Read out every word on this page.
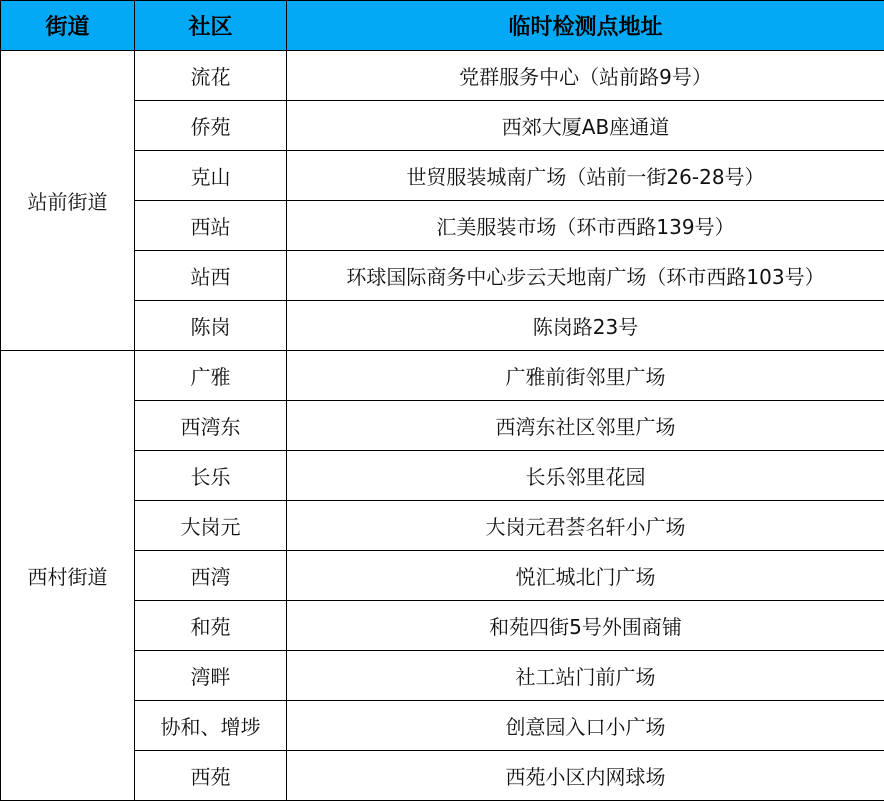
街道	社区	临时检测点地址
站前街道	流花	党群服务中心（站前路9号）
	侨苑	西郊大厦AB座通道
	克山	世贸服装城南广场（站前一街26-28号）
	西站	汇美服装市场（环市西路139号）
	站西	环球国际商务中心步云天地南广场（环市西路103号）
	陈岗	陈岗路23号
西村街道	广雅	广雅前街邻里广场
	西湾东	西湾东社区邻里广场
	长乐	长乐邻里花园
	大岗元	大岗元君荟名轩小广场
	西湾	悦汇城北门广场
	和苑	和苑四街5号外围商铺
	湾畔	社工站门前广场
	协和、增埗	创意园入口小广场
	西苑	西苑小区内网球场
